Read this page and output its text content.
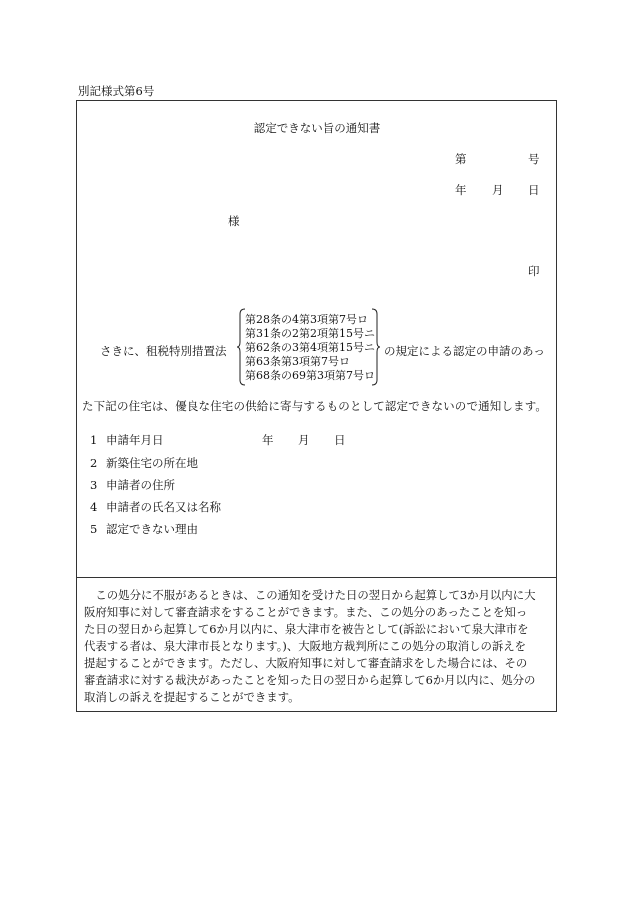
別記様式第6号
認定できない旨の通知書
第	号
年 月 日
様
印
さきに、租税特別措置法
第28条の4第3項第7号ロ
第31条の2第2項第15号ニ
第62条の3第4項第15号ニ
第63条第3項第7号ロ
第68条の69第3項第7号ロ
の規定による認定の申請のあっ
た下記の住宅は、優良な住宅の供給に寄与するものとして認定できないので通知します。
1 申請年月日	年 月 日
2 新築住宅の所在地
3 申請者の住所
4 申請者の氏名又は名称
5 認定できない理由
　この処分に不服があるときは、この通知を受けた日の翌日から起算して3か月以内に大
阪府知事に対して審査請求をすることができます。また、この処分のあったことを知っ
た日の翌日から起算して6か月以内に、泉大津市を被告として(訴訟において泉大津市を
代表する者は、泉大津市長となります。)、大阪地方裁判所にこの処分の取消しの訴えを
提起することができます。ただし、大阪府知事に対して審査請求をした場合には、その
審査請求に対する裁決があったことを知った日の翌日から起算して6か月以内に、処分の
取消しの訴えを提起することができます。
